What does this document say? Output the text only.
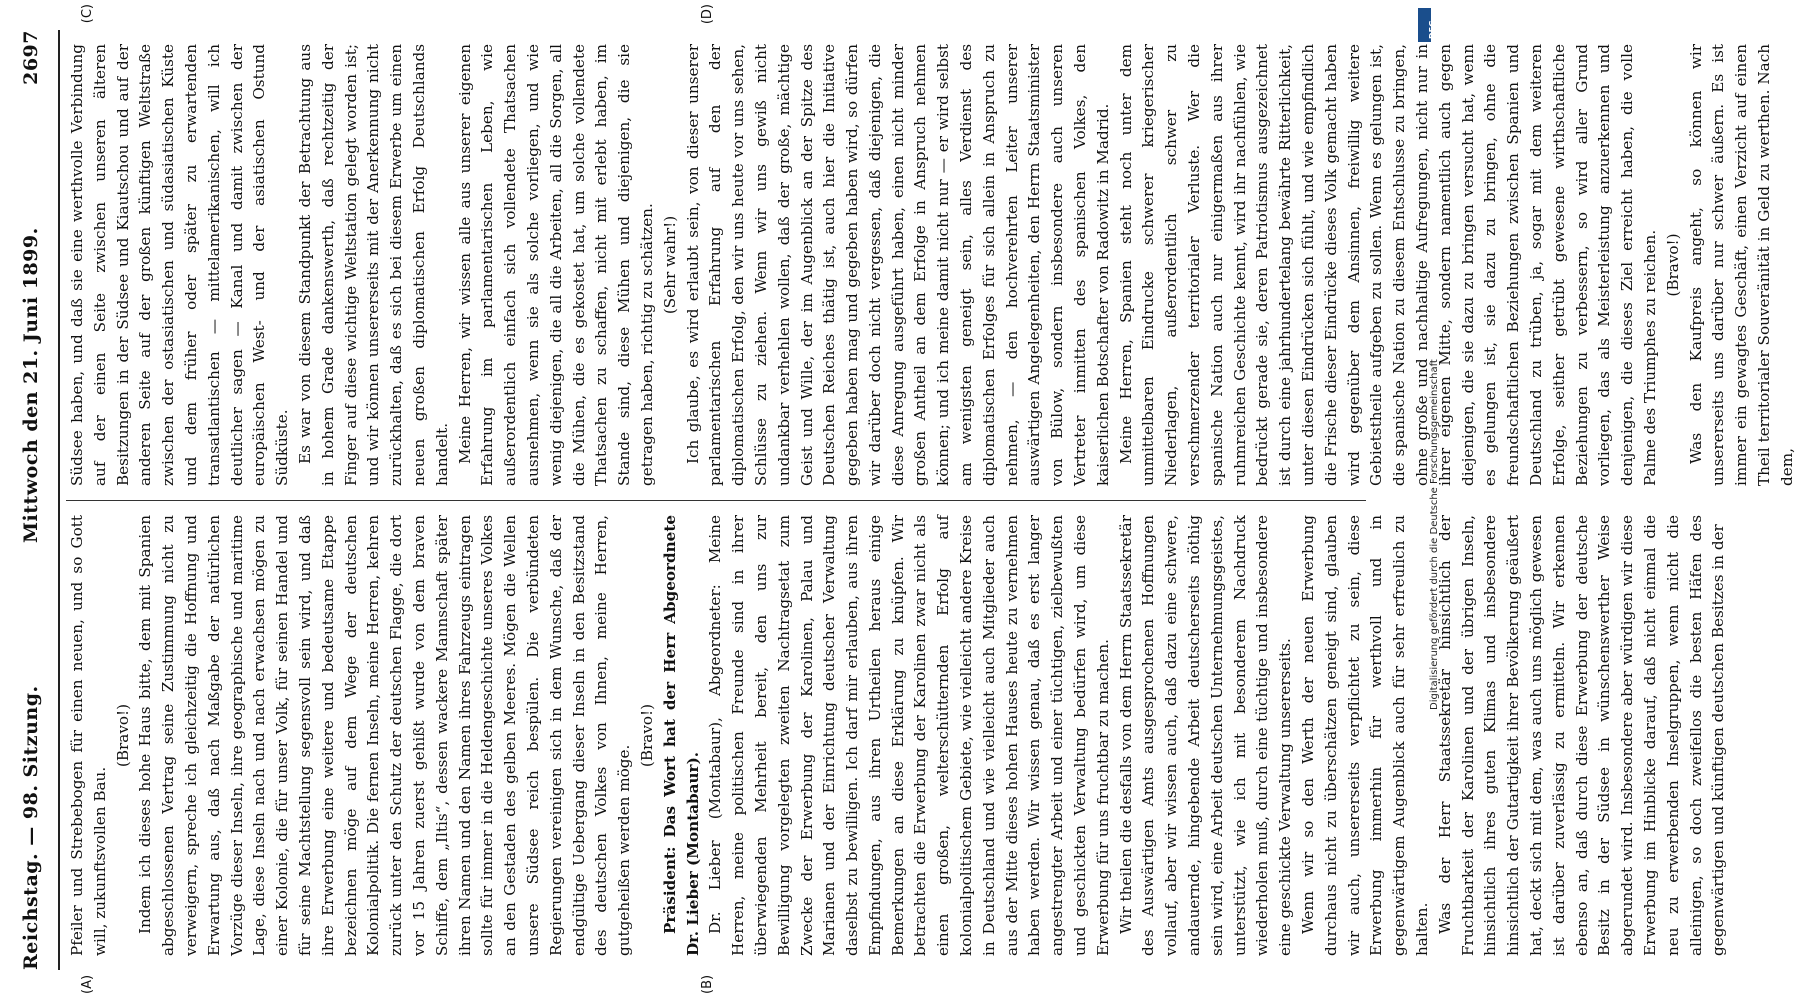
DFG
Digitalisierung gefördert durch die Deutsche Forschungsgemeinschaft
Reichstag. — 98. Sitzung.
Mittwoch den 21. Juni 1899.
2697
(A)	(B)
(C)	(D)

Pfeiler und Strebebogen für einen neuen, und so Gott will, zukunftsvollen Bau.

(Bravo!) Indem ich dieses hohe Haus bitte, dem mit Spanien abgeschlossenen Vertrag seine Zustimmung nicht zu verweigern, spreche ich gleichzeitig die Hoffnung und Erwartung aus, daß nach Maßgabe der natürlichen Vorzüge dieser Inseln, ihre geographische und maritime Lage, diese Inseln nach und nach erwachsen mögen zu einer Kolonie, die für unser Volk, für seinen Handel und für seine Machtstellung segensvoll sein wird, und daß ihre Erwerbung eine weitere und bedeutsame Etappe bezeichnen möge auf dem Wege der deutschen Kolonialpolitik. Die fernen Inseln, meine Herren, kehren zurück unter den Schutz der deutschen Flagge, die dort vor 15 Jahren zuerst gehißt wurde von dem braven Schiffe, dem „Iltis“, dessen wackere Mannschaft später ihren Namen und den Namen ihres Fahrzeugs eintragen sollte für immer in die Heldengeschichte unseres Volkes an den Gestaden des gelben Meeres. Mögen die Wellen unsere Südsee reich bespülen. Die verbündeten Regierungen vereinigen sich in dem Wunsche, daß der endgültige Uebergang dieser Inseln in den Besitzstand des deutschen Volkes von Ihnen, meine Herren, gutgeheißen werden möge.

(Bravo!) Präsident: Das Wort hat der Herr Abgeordnete Dr. Lieber (Montabaur). Dr. Lieber (Montabaur), Abgeordneter: Meine Herren, meine politischen Freunde sind in ihrer überwiegenden Mehrheit bereit, den uns zur Bewilligung vorgelegten zweiten Nachtragsetat zum Zwecke der Erwerbung der Karolinen, Palau und Marianen und der Einrichtung deutscher Verwaltung daselbst zu bewilligen. Ich darf mir erlauben, aus ihren Empfindungen, aus ihren Urtheilen heraus einige Bemerkungen an diese Erklärung zu knüpfen. Wir betrachten die Erwerbung der Karolinen zwar nicht als einen großen, welterschütternden Erfolg auf kolonialpolitischem Gebiete, wie vielleicht andere Kreise in Deutschland und wie vielleicht auch Mitglieder auch aus der Mitte dieses hohen Hauses heute zu vernehmen haben werden. Wir wissen genau, daß es erst langer angestrengter Arbeit und einer tüchtigen, zielbewußten und geschickten Verwaltung bedürfen wird, um diese Erwerbung für uns fruchtbar zu machen. Wir theilen die desfalls von dem Herrn Staatssekretär des Auswärtigen Amts ausgesprochenen Hoffnungen vollauf, aber wir wissen auch, daß dazu eine schwere, andauernde, hingebende Arbeit deutscherseits nöthig sein wird, eine Arbeit deutschen Unternehmungsgeistes, unterstützt, wie ich mit besonderem Nachdruck wiederholen muß, durch eine tüchtige und insbesondere eine geschickte Verwaltung unsererseits. Wenn wir so den Werth der neuen Erwerbung durchaus nicht zu überschätzen geneigt sind, glauben wir auch, unsererseits verpflichtet zu sein, diese Erwerbung immerhin für werthvoll und in gegenwärtigem Augenblick auch für sehr erfreulich zu halten. Was der Herr Staatssekretär hinsichtlich der Fruchtbarkeit der Karolinen und der übrigen Inseln, hinsichtlich ihres guten Klimas und insbesondere hinsichtlich der Gutartigkeit ihrer Bevölkerung geäußert hat, deckt sich mit dem, was auch uns möglich gewesen ist darüber zuverlässig zu ermitteln. Wir erkennen ebenso an, daß durch diese Erwerbung der deutsche Besitz in der Südsee in wünschenswerther Weise abgerundet wird. Insbesondere aber würdigen wir diese Erwerbung im Hinblicke darauf, daß nicht einmal die neu zu erwerbenden Inselgruppen, wenn nicht die alleinigen, so doch zweifellos die besten Häfen des gegenwärtigen und künftigen deutschen Besitzes in der

Südsee haben, und daß sie eine werthvolle Verbindung auf der einen Seite zwischen unseren älteren Besitzungen in der Südsee und Kiautschou und auf der anderen Seite auf der großen künftigen Weltstraße zwischen der ostasiatischen und südasiatischen Küste und dem früher oder später zu erwartenden transatlantischen — mittelamerikanischen, will ich deutlicher sagen — Kanal und damit zwischen der europäischen West- und der asiatischen Ostund Südküste. Es war von diesem Standpunkt der Betrachtung aus in hohem Grade dankenswerth, daß rechtzeitig der Finger auf diese wichtige Weltstation gelegt worden ist; und wir können unsererseits mit der Anerkennung nicht zurückhalten, daß es sich bei diesem Erwerbe um einen neuen großen diplomatischen Erfolg Deutschlands handelt. Meine Herren, wir wissen alle aus unserer eigenen Erfahrung im parlamentarischen Leben, wie außerordentlich einfach sich vollendete Thatsachen ausnehmen, wenn sie als solche vorliegen, und wie wenig diejenigen, die all die Arbeiten, all die Sorgen, all die Mühen, die es gekostet hat, um solche vollendete Thatsachen zu schaffen, nicht mit erlebt haben, im Stande sind, diese Mühen und diejenigen, die sie getragen haben, richtig zu schätzen. (Sehr wahr!) Ich glaube, es wird erlaubt sein, von dieser unserer parlamentarischen Erfahrung auf den der diplomatischen Erfolg, den wir uns heute vor uns sehen, Schlüsse zu ziehen. Wenn wir uns gewiß nicht undankbar verhehlen wollen, daß der große, mächtige Geist und Wille, der im Augenblick an der Spitze des Deutschen Reiches thätig ist, auch hier die Initiative gegeben haben mag und gegeben haben wird, so dürfen wir darüber doch nicht vergessen, daß diejenigen, die diese Anregung ausgeführt haben, einen nicht minder großen Antheil an dem Erfolge in Anspruch nehmen können; und ich meine damit nicht nur — er wird selbst am wenigsten geneigt sein, alles Verdienst des diplomatischen Erfolges für sich allein in Anspruch zu nehmen, — den hochverehrten Leiter unserer auswärtigen Angelegenheiten, den Herrn Staatsminister von Bülow, sondern insbesondere auch unseren Vertreter inmitten des spanischen Volkes, den kaiserlichen Botschafter von Radowitz in Madrid. Meine Herren, Spanien steht noch unter dem unmittelbaren Eindrucke schwerer kriegerischer Niederlagen, außerordentlich schwer zu verschmerzender territorialer Verluste. Wer die spanische Nation auch nur einigermaßen aus ihrer ruhmreichen Geschichte kennt, wird ihr nachfühlen, wie bedrückt gerade sie, deren Patriotismus ausgezeichnet ist durch eine jahrhundertelang bewährte Ritterlichkeit, unter diesen Eindrücken sich fühlt, und wie empfindlich die Frische dieser Eindrücke dieses Volk gemacht haben wird gegenüber dem Ansinnen, freiwillig weitere Gebietstheile aufgeben zu sollen. Wenn es gelungen ist, die spanische Nation zu diesem Entschlusse zu bringen, ohne große und nachhaltige Aufregungen, nicht nur in ihrer eigenen Mitte, sondern namentlich auch gegen diejenigen, die sie dazu zu bringen versucht hat, wenn es gelungen ist, sie dazu zu bringen, ohne die freundschaftlichen Beziehungen zwischen Spanien und Deutschland zu trüben, ja, sogar mit dem weiteren Erfolge, seither getrübt gewesene wirthschaftliche Beziehungen zu verbessern, so wird aller Grund vorliegen, das als Meisterleistung anzuerkennen und denjenigen, die dieses Ziel erreicht haben, die volle Palme des Triumphes zu reichen. (Bravo!) Was den Kaufpreis angeht, so können wir unsererseits uns darüber nur schwer äußern. Es ist immer ein gewagtes Geschäft, einen Verzicht auf einen Theil territorialer Souveränität in Geld zu werthen. Nach dem,
